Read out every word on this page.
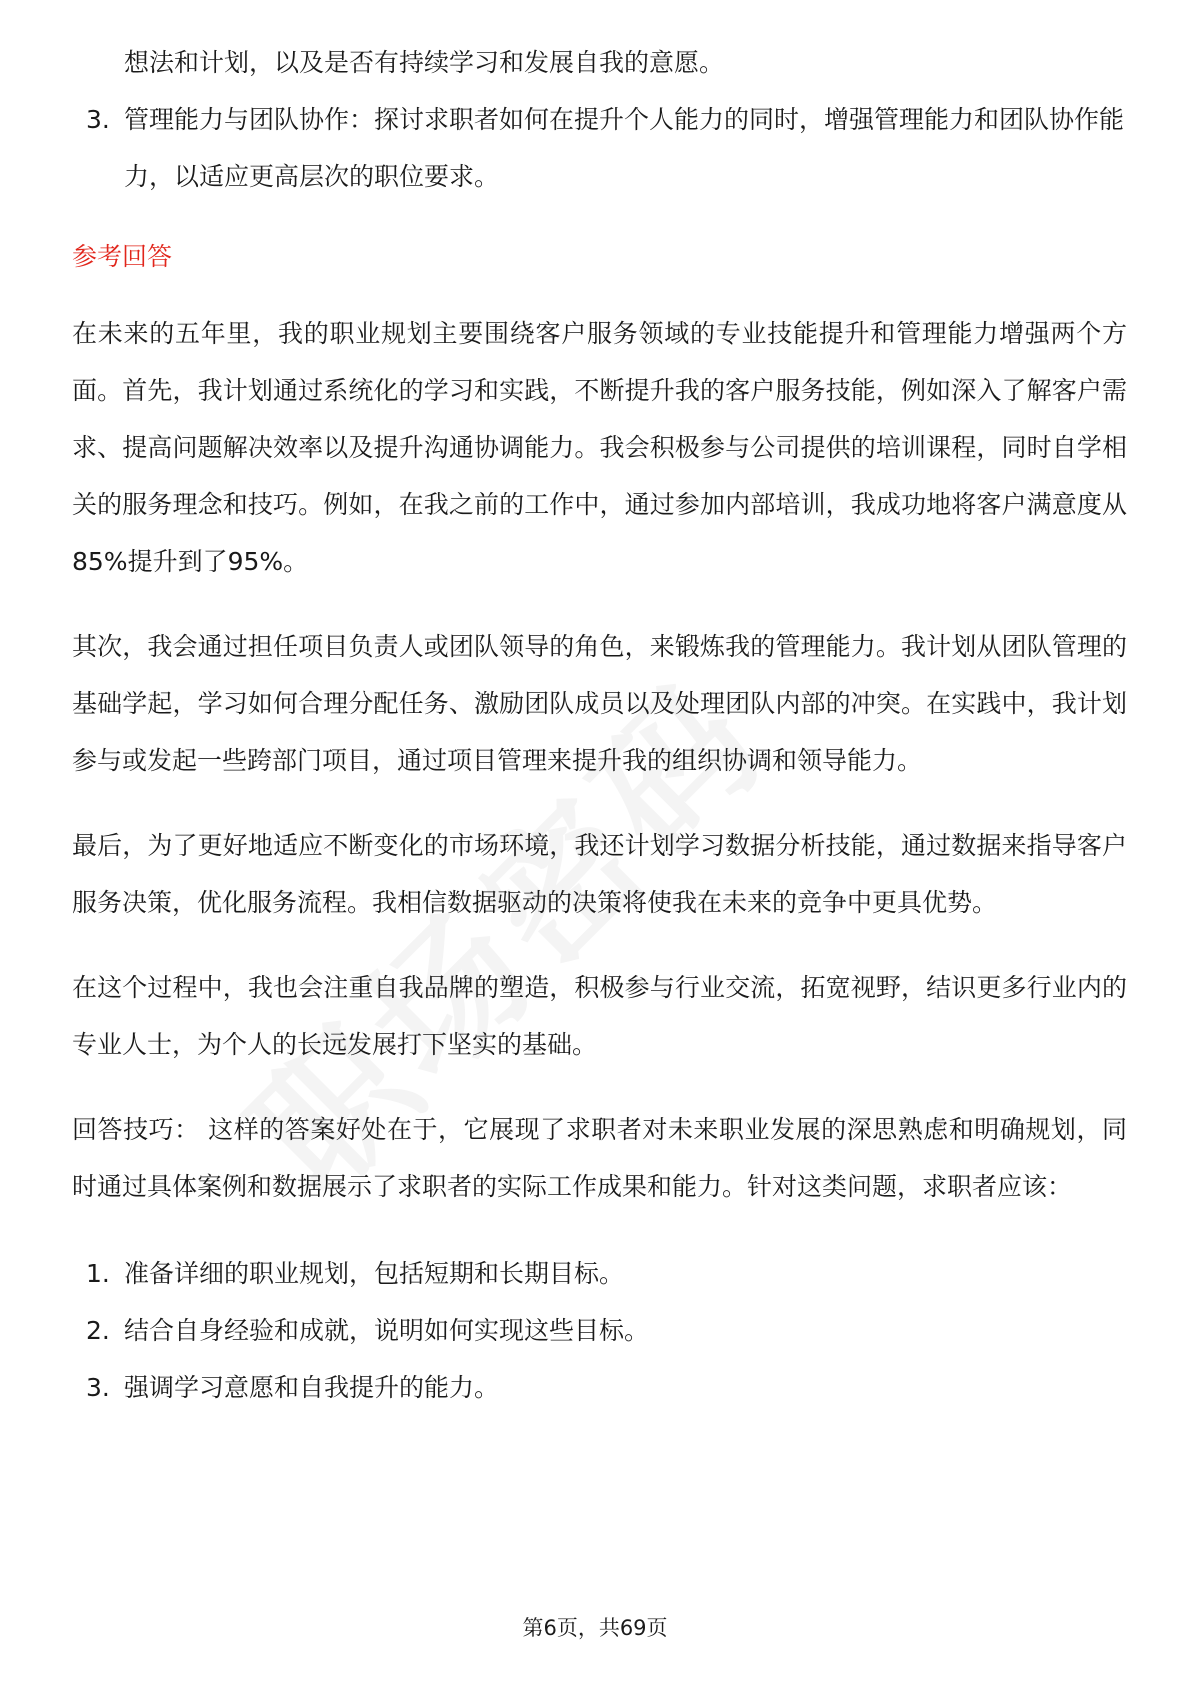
想法和计划，以及是否有持续学习和发展自我的意愿。
3. 管理能力与团队协作：探讨求职者如何在提升个人能力的同时，增强管理能力和团队协作能力，以适应更高层次的职位要求。
参考回答

在未来的五年里，我的职业规划主要围绕客户服务领域的专业技能提升和管理能力增强两个方面。首先，我计划通过系统化的学习和实践，不断提升我的客户服务技能，例如深入了解客户需求、提高问题解决效率以及提升沟通协调能力。我会积极参与公司提供的培训课程，同时自学相关的服务理念和技巧。例如，在我之前的工作中，通过参加内部培训，我成功地将客户满意度从85%提升到了95%。

其次，我会通过担任项目负责人或团队领导的角色，来锻炼我的管理能力。我计划从团队管理的基础学起，学习如何合理分配任务、激励团队成员以及处理团队内部的冲突。在实践中，我计划参与或发起一些跨部门项目，通过项目管理来提升我的组织协调和领导能力。

最后，为了更好地适应不断变化的市场环境，我还计划学习数据分析技能，通过数据来指导客户服务决策，优化服务流程。我相信数据驱动的决策将使我在未来的竞争中更具优势。

在这个过程中，我也会注重自我品牌的塑造，积极参与行业交流，拓宽视野，结识更多行业内的专业人士，为个人的长远发展打下坚实的基础。

回答技巧： 这样的答案好处在于，它展现了求职者对未来职业发展的深思熟虑和明确规划，同时通过具体案例和数据展示了求职者的实际工作成果和能力。针对这类问题，求职者应该：

1. 准备详细的职业规划，包括短期和长期目标。
2. 结合自身经验和成就，说明如何实现这些目标。
3. 强调学习意愿和自我提升的能力。
第6页，共69页
